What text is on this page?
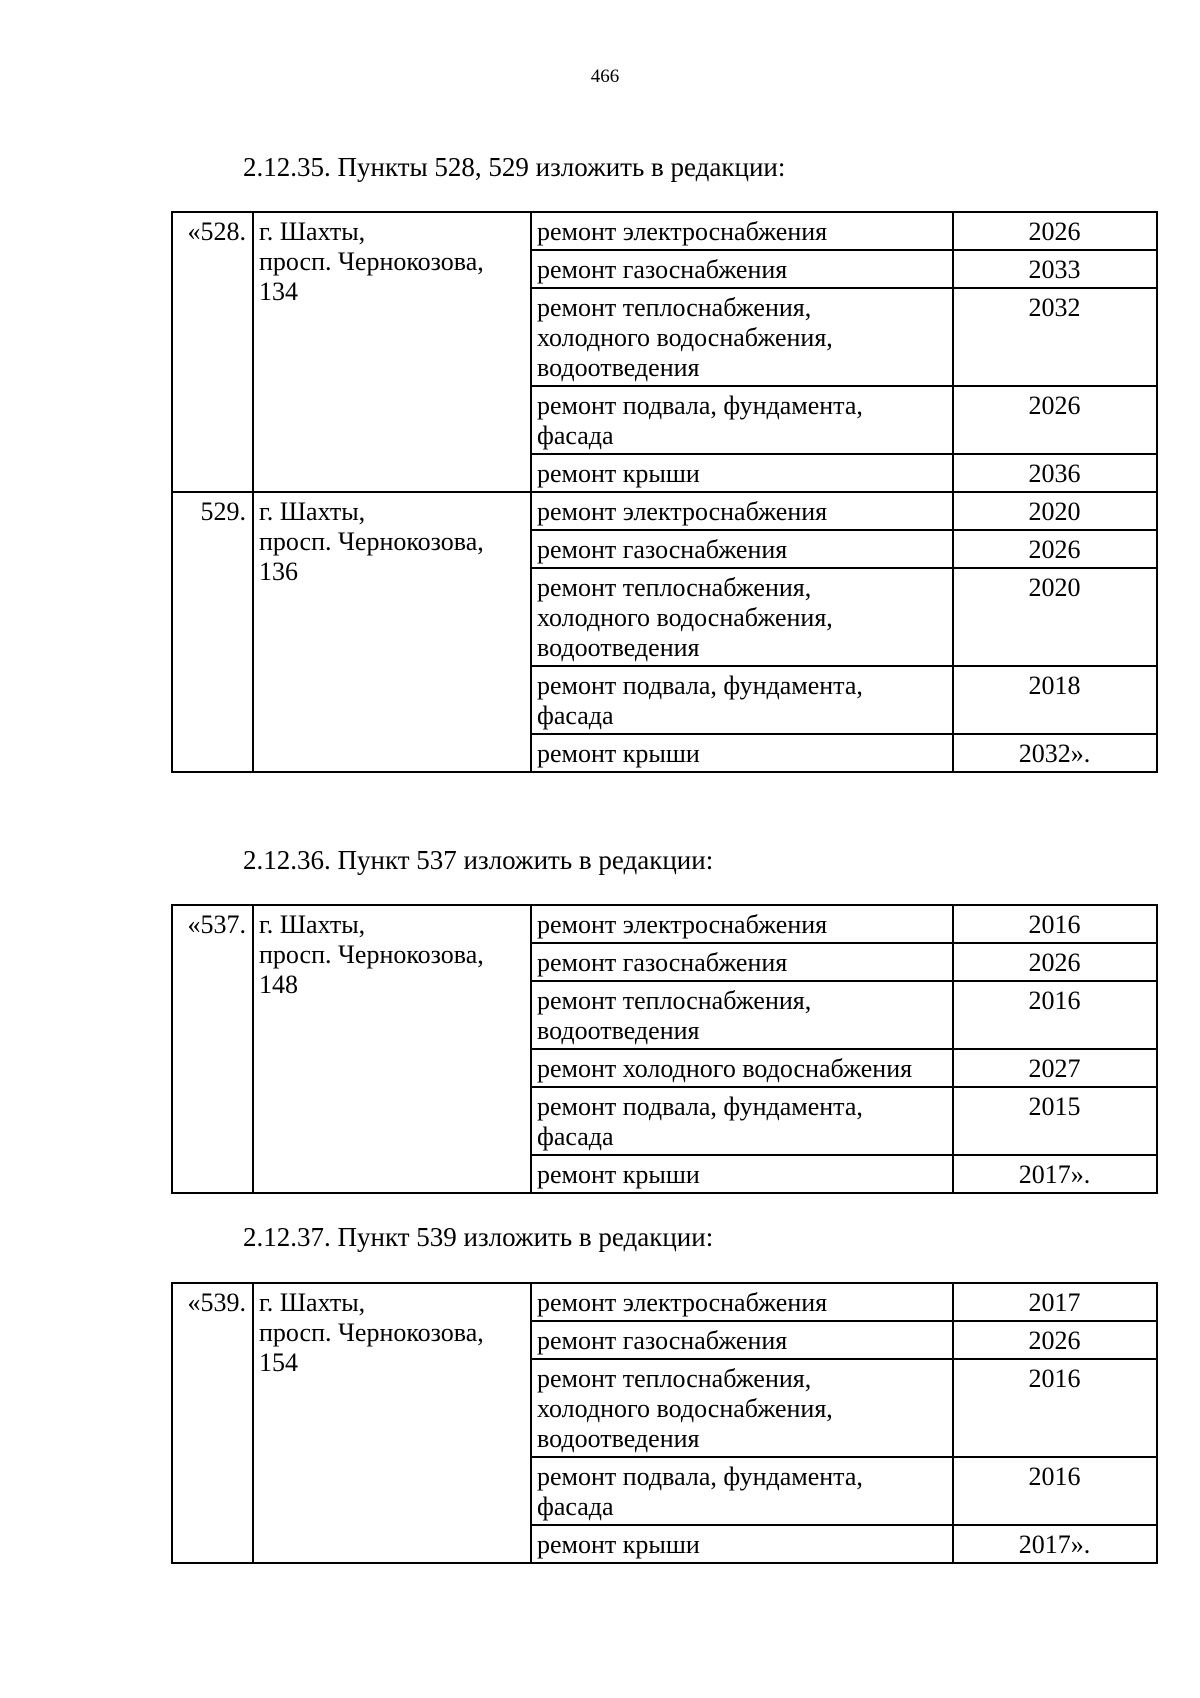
466
2.12.35. Пункты 528, 529 изложить в редакции:
«528.	г. Шахты,
просп. Чернокозова,
134	ремонт электроснабжения	2026

		ремонт газоснабжения	2033

		ремонт теплоснабжения,
холодного водоснабжения,
водоотведения	2032

		ремонт подвала, фундамента,
фасада	2026

		ремонт крыши	2036
529.	г. Шахты,
просп. Чернокозова,
136	ремонт электроснабжения	2020

		ремонт газоснабжения	2026

		ремонт теплоснабжения,
холодного водоснабжения,
водоотведения	2020

		ремонт подвала, фундамента,
фасада	2018

		ремонт крыши	2032».
2.12.36. Пункт 537 изложить в редакции:
«537.	г. Шахты,
просп. Чернокозова,
148	ремонт электроснабжения	2016

		ремонт газоснабжения	2026

		ремонт теплоснабжения,
водоотведения	2016

		ремонт холодного водоснабжения	2027

		ремонт подвала, фундамента,
фасада	2015

		ремонт крыши	2017».
2.12.37. Пункт 539 изложить в редакции:
«539.	г. Шахты,
просп. Чернокозова,
154	ремонт электроснабжения	2017

		ремонт газоснабжения	2026

		ремонт теплоснабжения,
холодного водоснабжения,
водоотведения	2016

		ремонт подвала, фундамента,
фасада	2016

		ремонт крыши	2017».
